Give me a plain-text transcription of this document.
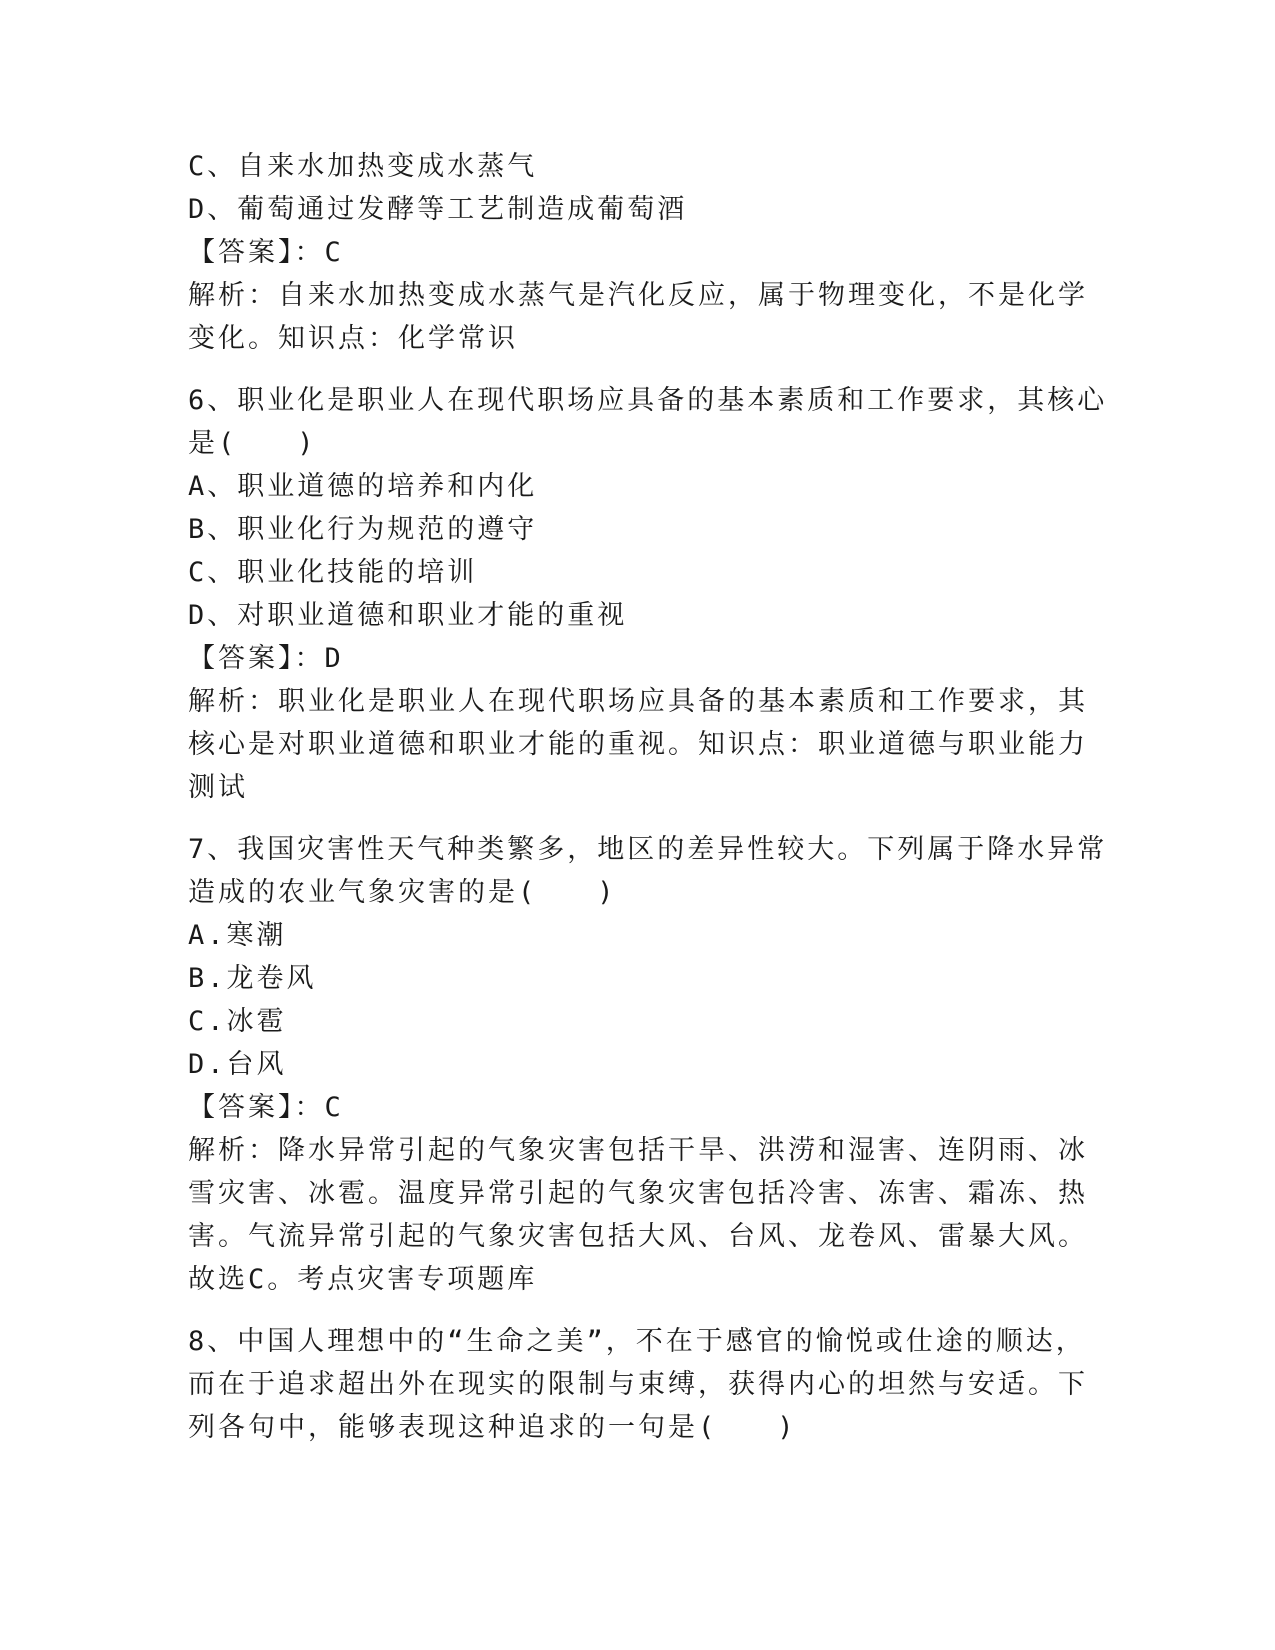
C、自来水加热变成水蒸气
D、葡萄通过发酵等工艺制造成葡萄酒
【答案】：C
解析：自来水加热变成水蒸气是汽化反应，属于物理变化，不是化学
变化。知识点：化学常识
6、职业化是职业人在现代职场应具备的基本素质和工作要求，其核心
是(　　)
A、职业道德的培养和内化
B、职业化行为规范的遵守
C、职业化技能的培训
D、对职业道德和职业才能的重视
【答案】：D
解析：职业化是职业人在现代职场应具备的基本素质和工作要求，其
核心是对职业道德和职业才能的重视。知识点：职业道德与职业能力
测试
7、我国灾害性天气种类繁多，地区的差异性较大。下列属于降水异常
造成的农业气象灾害的是(　　)
A.寒潮
B.龙卷风
C.冰雹
D.台风
【答案】：C
解析：降水异常引起的气象灾害包括干旱、洪涝和湿害、连阴雨、冰
雪灾害、冰雹。温度异常引起的气象灾害包括冷害、冻害、霜冻、热
害。气流异常引起的气象灾害包括大风、台风、龙卷风、雷暴大风。
故选C。考点灾害专项题库
8、中国人理想中的“生命之美”，不在于感官的愉悦或仕途的顺达，
而在于追求超出外在现实的限制与束缚，获得内心的坦然与安适。下
列各句中，能够表现这种追求的一句是(　　)
